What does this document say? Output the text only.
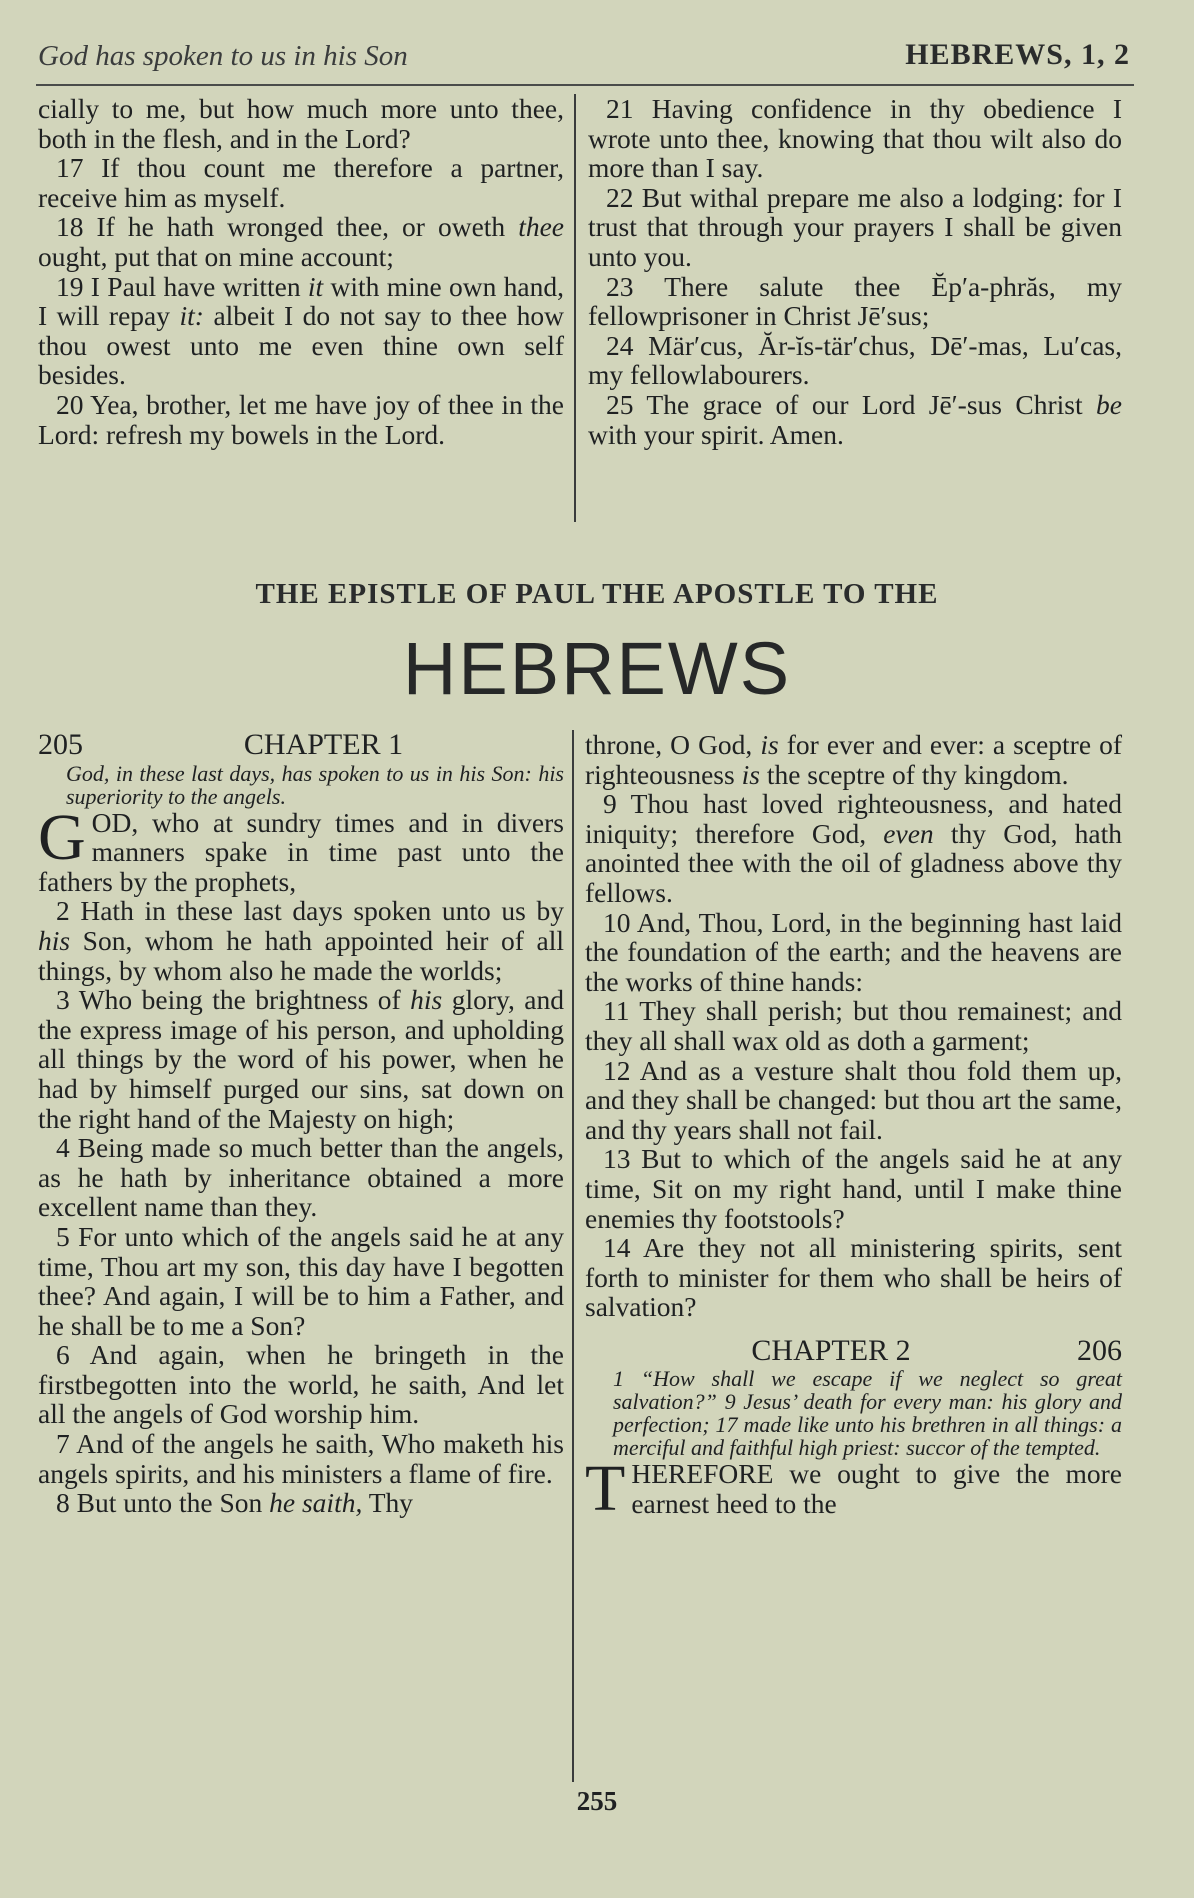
God has spoken to us in his Son	HEBREWS, 1, 2

cially to me, but how much more unto thee, both in the flesh, and in the Lord?

17 If thou count me therefore a partner, receive him as myself.

18 If he hath wronged thee, or oweth thee ought, put that on mine account;

19 I Paul have written it with mine own hand, I will repay it: albeit I do not say to thee how thou owest unto me even thine own self besides.

20 Yea, brother, let me have joy of thee in the Lord: refresh my bowels in the Lord.

21 Having confidence in thy obedience I wrote unto thee, knowing that thou wilt also do more than I say.

22 But withal prepare me also a lodging: for I trust that through your prayers I shall be given unto you.

23 There salute thee Ĕp′a-phrăs, my fellowprisoner in Christ Jē′sus;

24 Mär′cus, Ăr-ĭs-tär′chus, Dē′-mas, Lu′cas, my fellowlabourers.

25 The grace of our Lord Jē′-sus Christ be with your spirit. Amen.

THE EPISTLE OF PAUL THE APOSTLE TO THE
HEBREWS
205	CHAPTER 1

God, in these last days, has spoken to us in his Son: his superiority to the angels.

GOD, who at sundry times and in divers manners spake in time past unto the fathers by the prophets,

2 Hath in these last days spoken unto us by his Son, whom he hath appointed heir of all things, by whom also he made the worlds;

3 Who being the brightness of his glory, and the express image of his person, and upholding all things by the word of his power, when he had by himself purged our sins, sat down on the right hand of the Majesty on high;

4 Being made so much better than the angels, as he hath by inheritance obtained a more excellent name than they.

5 For unto which of the angels said he at any time, Thou art my son, this day have I begotten thee? And again, I will be to him a Father, and he shall be to me a Son?

6 And again, when he bringeth in the firstbegotten into the world, he saith, And let all the angels of God worship him.

7 And of the angels he saith, Who maketh his angels spirits, and his ministers a flame of fire.

8 But unto the Son he saith, Thy

throne, O God, is for ever and ever: a sceptre of righteousness is the sceptre of thy kingdom.

9 Thou hast loved righteousness, and hated iniquity; therefore God, even thy God, hath anointed thee with the oil of gladness above thy fellows.

10 And, Thou, Lord, in the beginning hast laid the foundation of the earth; and the heavens are the works of thine hands:

11 They shall perish; but thou remainest; and they all shall wax old as doth a garment;

12 And as a vesture shalt thou fold them up, and they shall be changed: but thou art the same, and thy years shall not fail.

13 But to which of the angels said he at any time, Sit on my right hand, until I make thine enemies thy footstools?

14 Are they not all ministering spirits, sent forth to minister for them who shall be heirs of salvation?

CHAPTER 2	206

1 “How shall we escape if we neglect so great salvation?” 9 Jesus’ death for every man: his glory and perfection; 17 made like unto his brethren in all things: a merciful and faithful high priest: succor of the tempted.

THEREFORE we ought to give the more earnest heed to the

255
